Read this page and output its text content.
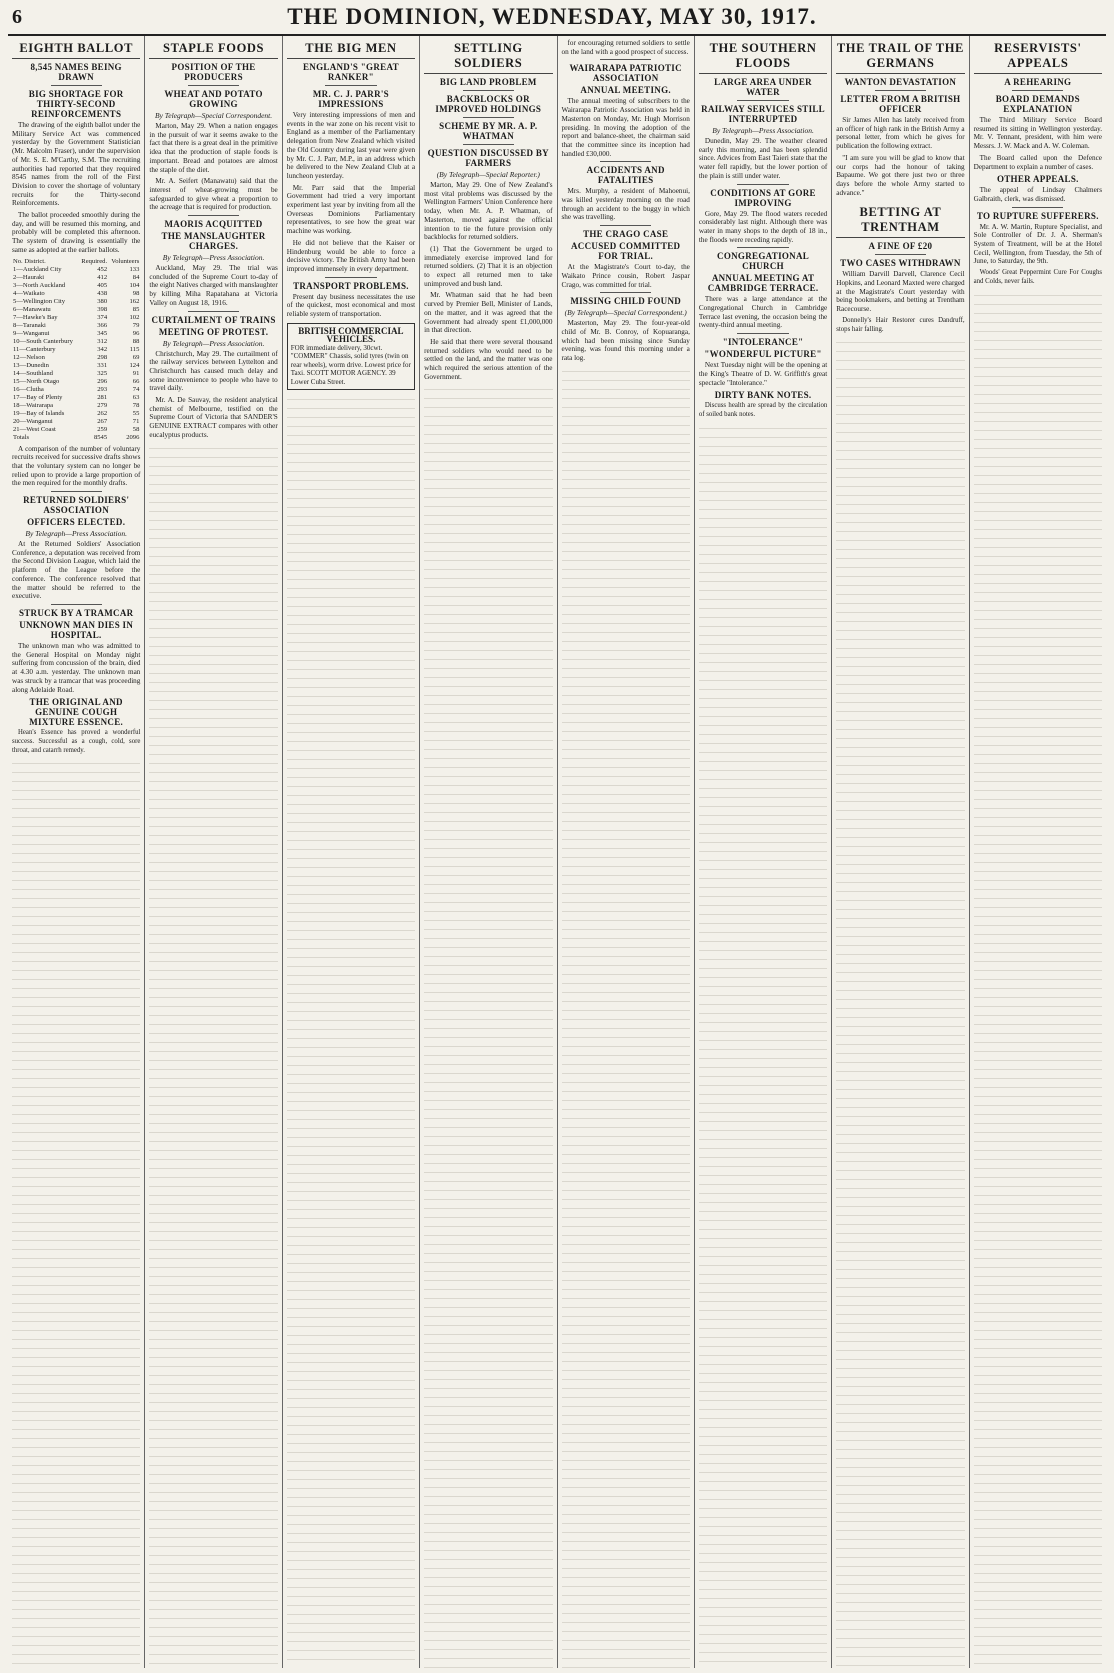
6	THE DOMINION, WEDNESDAY, MAY 30, 1917.
EIGHTH BALLOT
8,545 NAMES BEING DRAWN
BIG SHORTAGE FOR THIRTY-SECOND REINFORCEMENTS

The drawing of the eighth ballot under the Military Service Act was commenced yesterday by the Government Statistician (Mr. Malcolm Fraser), under the supervision of Mr. S. E. M'Carthy, S.M. The recruiting authorities had reported that they required 8545 names from the roll of the First Division to cover the shortage of voluntary recruits for the Thirty-second Reinforcements.

The ballot proceeded smoothly during the day, and will be resumed this morning, and probably will be completed this afternoon. The system of drawing is essentially the same as adopted at the earlier ballots.

No. District.	Required.	Volunteers
1—Auckland City	452	133
2—Hauraki	412	84
3—North Auckland	405	104
4—Waikato	438	98
5—Wellington City	380	162
6—Manawatu	398	85
7—Hawke's Bay	374	102
8—Taranaki	366	79
9—Wanganui	345	96
10—South Canterbury	312	88
11—Canterbury	342	115
12—Nelson	298	69
13—Dunedin	331	124
14—Southland	325	91
15—North Otago	296	66
16—Clutha	293	74
17—Bay of Plenty	281	63
18—Wairarapa	279	78
19—Bay of Islands	262	55
20—Wanganui	267	71
21—West Coast	259	58
Totals	8545	2096

A comparison of the number of voluntary recruits received for successive drafts shows that the voluntary system can no longer be relied upon to provide a large proportion of the men required for the monthly drafts.

RETURNED SOLDIERS' ASSOCIATION
OFFICERS ELECTED.
By Telegraph—Press Association.

At the Returned Soldiers' Association Conference, a deputation was received from the Second Division League, which laid the platform of the League before the conference. The conference resolved that the matter should be referred to the executive.

STRUCK BY A TRAMCAR
UNKNOWN MAN DIES IN HOSPITAL.

The unknown man who was admitted to the General Hospital on Monday night suffering from concussion of the brain, died at 4.30 a.m. yesterday. The unknown man was struck by a tramcar that was proceeding along Adelaide Road.

THE ORIGINAL AND GENUINE COUGH MIXTURE ESSENCE.

Hean's Essence has proved a wonderful success. Successful as a cough, cold, sore throat, and catarrh remedy.

STAPLE FOODS
POSITION OF THE PRODUCERS
WHEAT AND POTATO GROWING
By Telegraph—Special Correspondent.

Marton, May 29. When a nation engages in the pursuit of war it seems awake to the fact that there is a great deal in the primitive idea that the production of staple foods is important. Bread and potatoes are almost the staple of the diet.

Mr. A. Seifert (Manawatu) said that the interest of wheat-growing must be safeguarded to give wheat a proportion to the acreage that is required for production.

MAORIS ACQUITTED
THE MANSLAUGHTER CHARGES.
By Telegraph—Press Association.

Auckland, May 29. The trial was concluded of the Supreme Court to-day of the eight Natives charged with manslaughter by killing Miha Rapatahana at Victoria Valley on August 18, 1916.

CURTAILMENT OF TRAINS
MEETING OF PROTEST.
By Telegraph—Press Association.

Christchurch, May 29. The curtailment of the railway services between Lyttelton and Christchurch has caused much delay and some inconvenience to people who have to travel daily.

Mr. A. De Sauvay, the resident analytical chemist of Melbourne, testified on the Supreme Court of Victoria that SANDER'S GENUINE EXTRACT compares with other eucalyptus products.

THE BIG MEN
ENGLAND'S "GREAT RANKER"
MR. C. J. PARR'S IMPRESSIONS

Very interesting impressions of men and events in the war zone on his recent visit to England as a member of the Parliamentary delegation from New Zealand which visited the Old Country during last year were given by Mr. C. J. Parr, M.P., in an address which he delivered to the New Zealand Club at a luncheon yesterday.

Mr. Parr said that the Imperial Government had tried a very important experiment last year by inviting from all the Overseas Dominions Parliamentary representatives, to see how the great war machine was working.

He did not believe that the Kaiser or Hindenburg would be able to force a decisive victory. The British Army had been improved immensely in every department.

TRANSPORT PROBLEMS.

Present day business necessitates the use of the quickest, most economical and most reliable system of transportation.

BRITISH COMMERCIAL VEHICLES.
FOR immediate delivery, 30cwt. "COMMER" Chassis, solid tyres (twin on rear wheels), worm drive. Lowest price for Taxi. SCOTT MOTOR AGENCY. 39 Lower Cuba Street.
SETTLING SOLDIERS
BIG LAND PROBLEM
BACKBLOCKS OR IMPROVED HOLDINGS
SCHEME BY MR. A. P. WHATMAN
QUESTION DISCUSSED BY FARMERS
(By Telegraph—Special Reporter.)

Marton, May 29. One of New Zealand's most vital problems was discussed by the Wellington Farmers' Union Conference here today, when Mr. A. P. Whatman, of Masterton, moved against the official intention to tie the future provision only backblocks for returned soldiers.

(1) That the Government be urged to immediately exercise improved land for returned soldiers. (2) That it is an objection to expect all returned men to take unimproved and bush land.

Mr. Whatman said that he had been curved by Premier Bell, Minister of Lands, on the matter, and it was agreed that the Government had already spent £1,000,000 in that direction.

He said that there were several thousand returned soldiers who would need to be settled on the land, and the matter was one which required the serious attention of the Government.

for encouraging returned soldiers to settle on the land with a good prospect of success.

WAIRARAPA PATRIOTIC ASSOCIATION
ANNUAL MEETING.

The annual meeting of subscribers to the Wairarapa Patriotic Association was held in Masterton on Monday, Mr. Hugh Morrison presiding. In moving the adoption of the report and balance-sheet, the chairman said that the committee since its inception had handled £30,000.

ACCIDENTS AND FATALITIES

Mrs. Murphy, a resident of Mahoenui, was killed yesterday morning on the road through an accident to the buggy in which she was travelling.

THE CRAGO CASE
ACCUSED COMMITTED FOR TRIAL.

At the Magistrate's Court to-day, the Waikato Prince cousin, Robert Jaspar Crago, was committed for trial.

MISSING CHILD FOUND
(By Telegraph—Special Correspondent.)

Masterton, May 29. The four-year-old child of Mr. B. Conroy, of Kopuaranga, which had been missing since Sunday evening, was found this morning under a rata log.

THE SOUTHERN FLOODS
LARGE AREA UNDER WATER
RAILWAY SERVICES STILL INTERRUPTED
By Telegraph—Press Association.

Dunedin, May 29. The weather cleared early this morning, and has been splendid since. Advices from East Taieri state that the water fell rapidly, but the lower portion of the plain is still under water.

CONDITIONS AT GORE IMPROVING

Gore, May 29. The flood waters receded considerably last night. Although there was water in many shops to the depth of 18 in., the floods were receding rapidly.

CONGREGATIONAL CHURCH
ANNUAL MEETING AT CAMBRIDGE TERRACE.

There was a large attendance at the Congregational Church in Cambridge Terrace last evening, the occasion being the twenty-third annual meeting.

"INTOLERANCE"
"WONDERFUL PICTURE"

Next Tuesday night will be the opening at the King's Theatre of D. W. Griffith's great spectacle "Intolerance."

DIRTY BANK NOTES.

Discuss health are spread by the circulation of soiled bank notes.

THE TRAIL OF THE GERMANS
WANTON DEVASTATION
LETTER FROM A BRITISH OFFICER

Sir James Allen has lately received from an officer of high rank in the British Army a personal letter, from which he gives for publication the following extract.

"I am sure you will be glad to know that our corps had the honour of taking Bapaume. We got there just two or three days before the whole Army started to advance."

BETTING AT TRENTHAM
A FINE OF £20
TWO CASES WITHDRAWN

William Darvill Darvell, Clarence Cecil Hopkins, and Leonard Maxted were charged at the Magistrate's Court yesterday with being bookmakers, and betting at Trentham Racecourse.

Donnelly's Hair Restorer cures Dandruff, stops hair falling.

RESERVISTS' APPEALS
A REHEARING
BOARD DEMANDS EXPLANATION

The Third Military Service Board resumed its sitting in Wellington yesterday. Mr. V. Tennant, president, with him were Messrs. J. W. Mack and A. W. Coleman.

The Board called upon the Defence Department to explain a number of cases.

OTHER APPEALS.

The appeal of Lindsay Chalmers Galbraith, clerk, was dismissed.

TO RUPTURE SUFFERERS.

Mr. A. W. Martin, Rupture Specialist, and Sole Controller of Dr. J. A. Sherman's System of Treatment, will be at the Hotel Cecil, Wellington, from Tuesday, the 5th of June, to Saturday, the 9th.

Woods' Great Peppermint Cure For Coughs and Colds, never fails.
